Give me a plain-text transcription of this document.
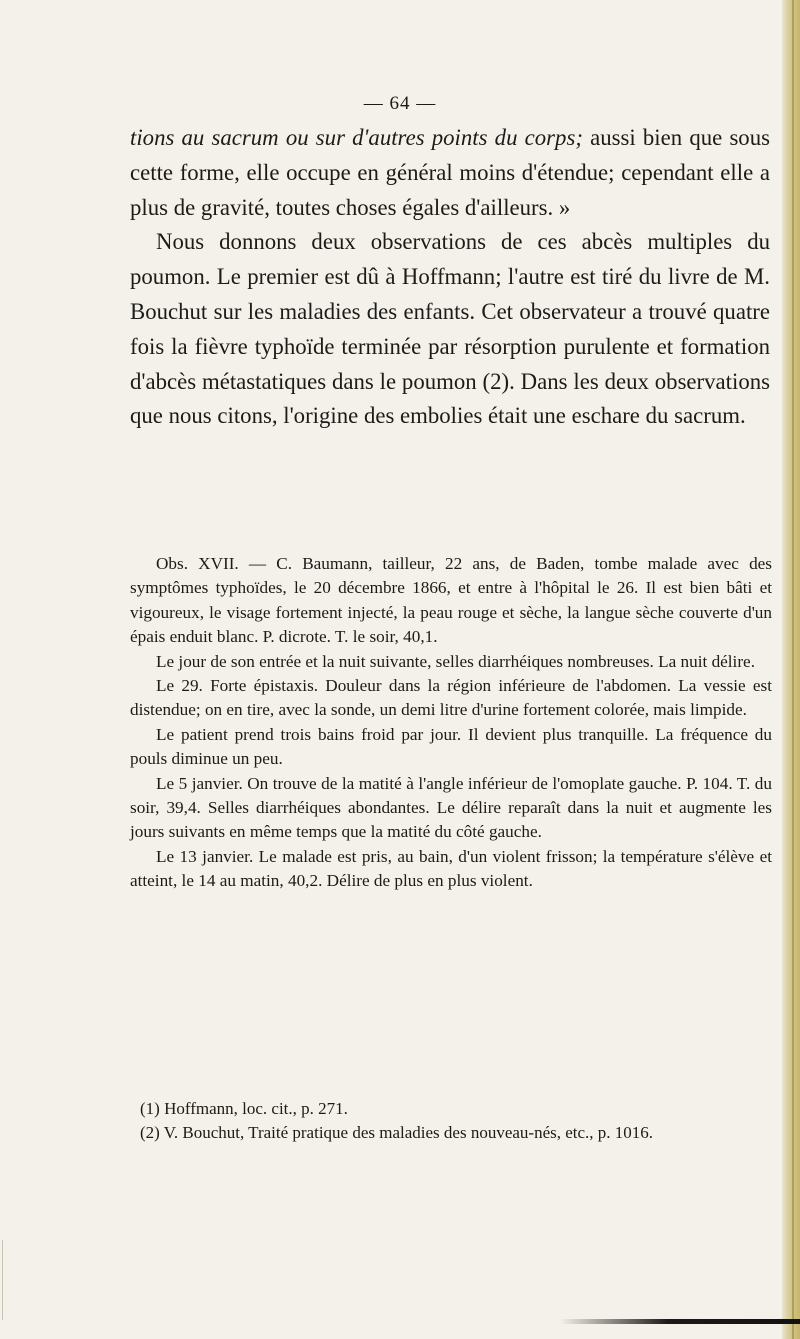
— 64 —

tions au sacrum ou sur d'autres points du corps; aussi bien que sous cette forme, elle occupe en général moins d'étendue; cependant elle a plus de gravité, toutes choses égales d'ailleurs. »

Nous donnons deux observations de ces abcès multiples du poumon. Le premier est dû à Hoffmann; l'autre est tiré du livre de M. Bouchut sur les maladies des enfants. Cet observateur a trouvé quatre fois la fièvre typhoïde terminée par résorption purulente et formation d'abcès métastatiques dans le poumon (2). Dans les deux observations que nous citons, l'origine des embolies était une eschare du sacrum.

Obs. XVII. — C. Baumann, tailleur, 22 ans, de Baden, tombe malade avec des symptômes typhoïdes, le 20 décembre 1866, et entre à l'hôpital le 26. Il est bien bâti et vigoureux, le visage fortement injecté, la peau rouge et sèche, la langue sèche couverte d'un épais enduit blanc. P. dicrote. T. le soir, 40,1.

Le jour de son entrée et la nuit suivante, selles diarrhéiques nombreuses. La nuit délire.

Le 29. Forte épistaxis. Douleur dans la région inférieure de l'abdomen. La vessie est distendue; on en tire, avec la sonde, un demi litre d'urine fortement colorée, mais limpide.

Le patient prend trois bains froid par jour. Il devient plus tranquille. La fréquence du pouls diminue un peu.

Le 5 janvier. On trouve de la matité à l'angle inférieur de l'omoplate gauche. P. 104. T. du soir, 39,4. Selles diarrhéiques abondantes. Le délire reparaît dans la nuit et augmente les jours suivants en même temps que la matité du côté gauche.

Le 13 janvier. Le malade est pris, au bain, d'un violent frisson; la température s'élève et atteint, le 14 au matin, 40,2. Délire de plus en plus violent.

(1) Hoffmann, loc. cit., p. 271.

(2) V. Bouchut, Traité pratique des maladies des nouveau-nés, etc., p. 1016.
